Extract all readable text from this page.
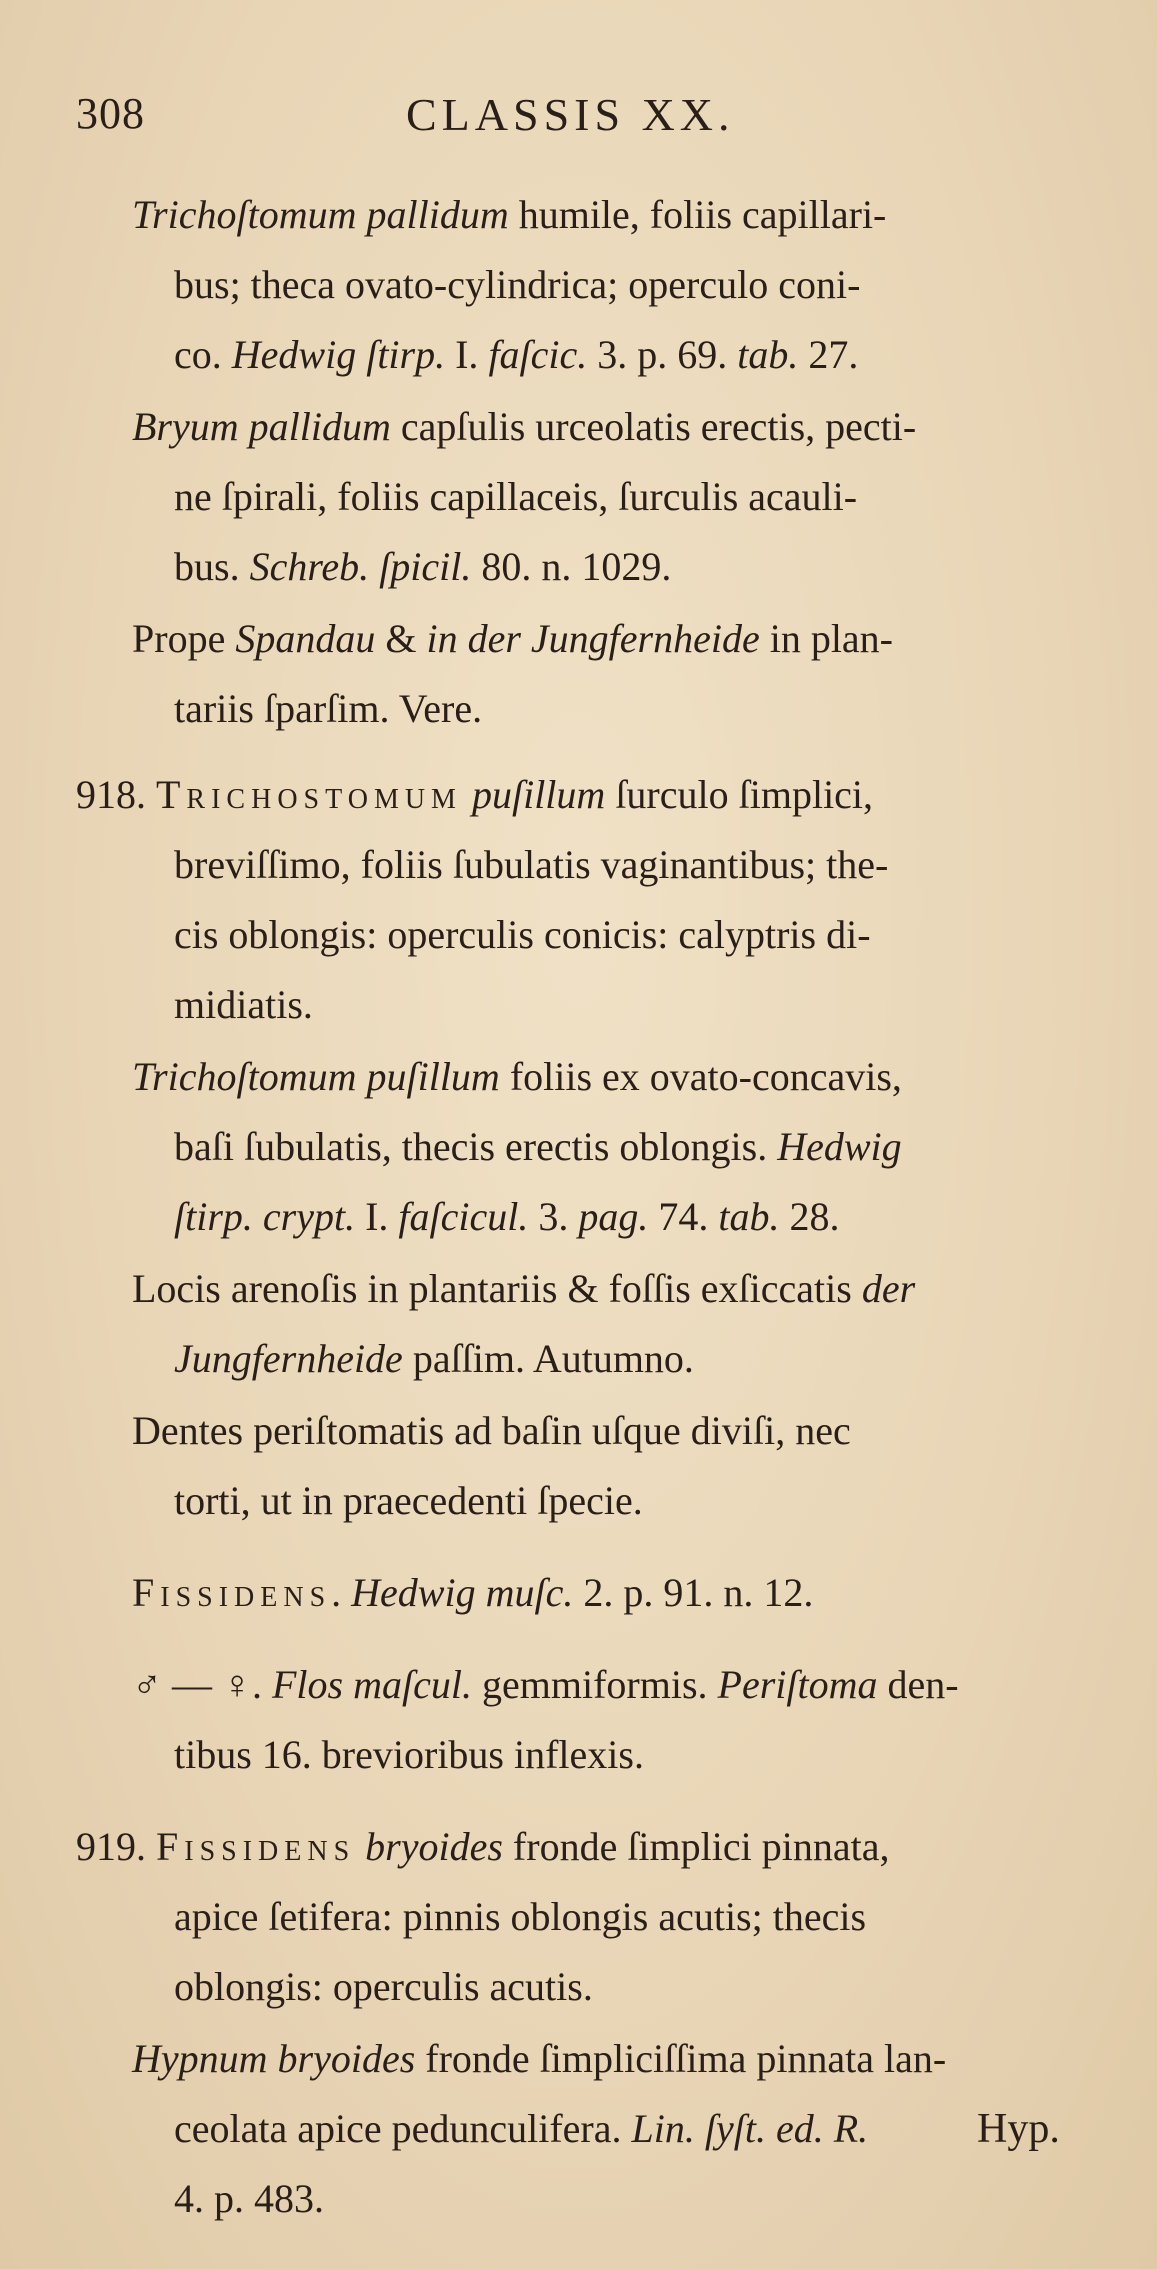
308	CLASSIS XX.
Trichoſtomum pallidum humile, foliis capillari-
bus; theca ovato-cylindrica; operculo coni-
co. Hedwig ſtirp. I. faſcic. 3. p. 69. tab. 27.
Bryum pallidum capſulis urceolatis erectis, pecti-
ne ſpirali, foliis capillaceis, ſurculis acauli-
bus. Schreb. ſpicil. 80. n. 1029.
Prope Spandau & in der Jungfernheide in plan-
tariis ſparſim. Vere.
918. Trichostomum puſillum ſurculo ſimplici,
breviſſimo, foliis ſubulatis vaginantibus; the-
cis oblongis: operculis conicis: calyptris di-
midiatis.
Trichoſtomum puſillum foliis ex ovato-concavis,
baſi ſubulatis, thecis erectis oblongis. Hedwig
ſtirp. crypt. I. faſcicul. 3. pag. 74. tab. 28.
Locis arenoſis in plantariis & foſſis exſiccatis der
Jungfernheide paſſim. Autumno.
Dentes periſtomatis ad baſin uſque diviſi, nec
torti, ut in praecedenti ſpecie.
Fissidens. Hedwig muſc. 2. p. 91. n. 12.
♂ — ♀. Flos maſcul. gemmiformis. Periſtoma den-
tibus 16. brevioribus inflexis.
919. Fissidens bryoides fronde ſimplici pinnata,
apice ſetifera: pinnis oblongis acutis; thecis
oblongis: operculis acutis.
Hypnum bryoides fronde ſimpliciſſima pinnata lan-
ceolata apice pedunculifera. Lin. ſyſt. ed. R.
4. p. 483.
Hyp.
